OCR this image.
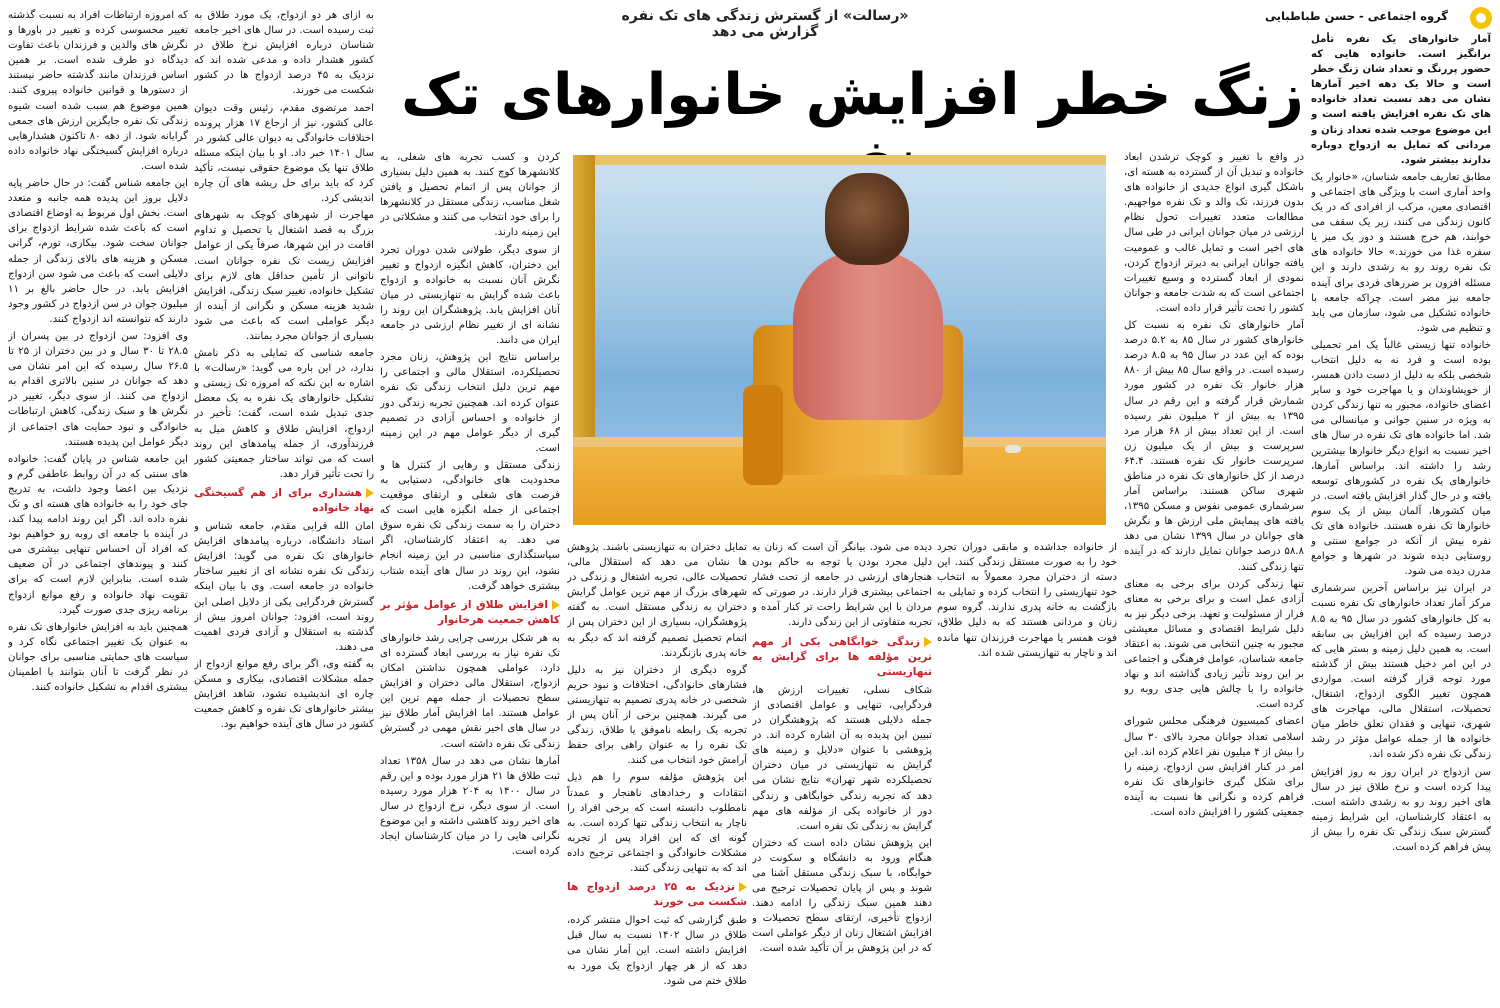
گروه اجتماعی - حسن طباطبایی
«رسالت» از گسترش زندگی های تک نفره گزارش می دهد
زنگ خطر افزایش خانوارهای تک

آمار خانوارهای یک نفره تأمل برانگیز است. خانواده هایی که حضور پررنگ و تعداد شان زنگ خطر است و حالا یک دهه اخیر آمارها نشان می دهد نسبت تعداد خانواده های تک نفره افزایش یافته است و این موضوع موجب شده تعداد زنان و مردانی که تمایل به ازدواج دوباره ندارند بیشتر شود.

مطابق تعاریف جامعه شناسان، «خانوار یک واحد آماری است با ویژگی های اجتماعی و اقتصادی معین، مرکب از افرادی که در یک کانون زندگی می کنند، زیر یک سقف می خوابند، هم خرج هستند و دور یک میز یا سفره غذا می خورند.» حالا خانواده های تک نفره روند رو به رشدی دارند و این مسئله افزون بر ضررهای فردی برای آینده جامعه نیز مضر است. چراکه جامعه با خانواده تشکیل می شود، سازمان می یابد و تنظیم می شود.

خانواده تنها زیستی غالباً یک امر تحمیلی بوده است و فرد نه به دلیل انتخاب شخصی بلکه به دلیل از دست دادن همسر، از خویشاوندان و یا مهاجرت خود و سایر اعضای خانواده، مجبور به تنها زندگی کردن به ویژه در سنین جوانی و میانسالی می شد. اما خانواده های تک نفره در سال های اخیر نسبت به انواع دیگر خانوارها بیشترین رشد را داشته اند. براساس آمارها، خانوارهای یک نفره در کشورهای توسعه یافته و در حال گذار افزایش یافته است. در میان کشورها، آلمان بیش از یک سوم خانوارها تک نفره هستند. خانواده های تک نفره بیش از آنکه در جوامع سنتی و روستایی دیده شوند در شهرها و جوامع مدرن دیده می شود.

در ایران نیز براساس آخرین سرشماری مرکز آمار تعداد خانوارهای تک نفره نسبت به کل خانوارهای کشور در سال ۹۵ به ۸.۵ درصد رسیده که این افزایش بی سابقه است. به همین دلیل زمینه و بستر هایی که در این امر دخیل هستند بیش از گذشته مورد توجه قرار گرفته است. مواردی همچون تغییر الگوی ازدواج، اشتغال، تحصیلات، استقلال مالی، مهاجرت های شهری، تنهایی و فقدان تعلق خاطر میان خانواده ها از جمله عوامل مؤثر در رشد زندگی تک نفره ذکر شده اند.

سن ازدواج در ایران روز به روز افزایش پیدا کرده است و نرخ طلاق نیز در سال های اخیر روند رو به رشدی داشته است. به اعتقاد کارشناسان، این شرایط زمینه گسترش سبک زندگی تک نفره را بیش از پیش فراهم کرده است.

در وافع با تغییر و کوچک ترشدن ابعاد خانواده و تبدیل آن از گسترده به هسته ای، باشکل گیری انواع جدیدی از خانواده های بدون فرزند، تک والد و تک نفره مواجهیم. مطالعات متعدد تغییرات تحول نظام ارزشی در میان جوانان ایرانی در طی سال های اخیر است و تمایل غالب و عمومیت یافته جوانان ایرانی به دیرتر ازدواج کردن، نمودی از ابعاد گسترده و وسیع تغییرات اجتماعی است که به شدت جامعه و جوانان کشور را تحت تأثیر قرار داده است.

آمار خانوارهای تک نفره به نسبت کل خانوارهای کشور در سال ۸۵ به ۵.۲ درصد بوده که این عدد در سال ۹۵ به ۸.۵ درصد رسیده است. در واقع سال ۸۵ بیش از ۸۸۰ هزار خانوار تک نفره در کشور مورد شمارش قرار گرفته و این رقم در سال ۱۳۹۵ به بیش از ۲ میلیون نفر رسیده است. از این تعداد بیش از ۶۸ هزار مرد سرپرست و بیش از یک میلیون زن سرپرست خانوار تک نفره هستند. ۶۴.۴ درصد از کل خانوارهای تک نفره در مناطق شهری ساکن هستند. براساس آمار سرشماری عمومی نفوس و مسکن ۱۳۹۵، یافته های پیمایش ملی ارزش ها و نگرش های جوانان در سال ۱۳۹۹ نشان می دهد ۵۸.۸ درصد جوانان تمایل دارند که در آینده تنها زندگی کنند.

تنها زندگی کردن برای برخی به معنای آزادی عمل است و برای برخی به معنای فرار از مسئولیت و تعهد. برخی دیگر نیز به دلیل شرایط اقتصادی و مسائل معیشتی مجبور به چنین انتخابی می شوند. به اعتقاد جامعه شناسان، عوامل فرهنگی و اجتماعی بر این روند تأثیر زیادی گذاشته اند و نهاد خانواده را با چالش هایی جدی روبه رو کرده است.

اعضای کمیسیون فرهنگی مجلس شورای اسلامی تعداد جوانان مجرد بالای ۳۰ سال را بیش از ۴ میلیون نفر اعلام کرده اند. این امر در کنار افزایش سن ازدواج، زمینه را برای شکل گیری خانوارهای تک نفره فراهم کرده و نگرانی ها نسبت به آینده جمعیتی کشور را افزایش داده است.

از خانواده جداشده و مابقی دوران تجرد خود را به صورت مستقل زندگی کنند. این دسته از دختران مجرد معمولاً به انتخاب خود تنهازیستی را انتخاب کرده و تمایلی به بازگشت به خانه پدری ندارند. گروه سوم زنان و مردانی هستند که به دلیل طلاق، فوت همسر یا مهاجرت فرزندان تنها مانده اند و ناچار به تنهازیستی شده اند.

دیده می شود. بیانگر آن است که زنان به دلیل مجرد بودن یا توجه به حاکم بودن هنجارهای ارزشی در جامعه از تحت فشار اجتماعی بیشتری قرار دارند. در صورتی که مردان با این شرایط راحت تر کنار آمده و تجربه متفاوتی از این زندگی دارند.

زندگی خوابگاهی یکی از مهم ترین مؤلفه ها برای گرایش به تنهازیستی

شکاف نسلی، تغییرات ارزش ها، فردگرایی، تنهایی و عوامل اقتصادی از جمله دلایلی هستند که پژوهشگران در تبیین این پدیده به آن اشاره کرده اند. در پژوهشی با عنوان «دلایل و زمینه های گرایش به تنهازیستی در میان دختران تحصیلکرده شهر تهران» نتایج نشان می دهد که تجربه زندگی خوابگاهی و زندگی دور از خانواده یکی از مؤلفه های مهم گرایش به زندگی تک نفره است.

این پژوهش نشان داده است که دختران هنگام ورود به دانشگاه و سکونت در خوابگاه، با سبک زندگی مستقل آشنا می شوند و پس از پایان تحصیلات ترجیح می دهند همین سبک زندگی را ادامه دهند. ازدواج تأخیری، ارتقای سطح تحصیلات و افزایش اشتغال زنان از دیگر عواملی است که در این پژوهش بر آن تأکید شده است.

تمایل دختران به تنهازیستی باشند. پژوهش ها نشان می دهد که استقلال مالی، تحصیلات عالی، تجربه اشتغال و زندگی در شهرهای بزرگ از مهم ترین عوامل گرایش دختران به زندگی مستقل است. به گفته پژوهشگران، بسیاری از این دختران پس از اتمام تحصیل تصمیم گرفته اند که دیگر به خانه پدری بازنگردند.

گروه دیگری از دختران نیز به دلیل فشارهای خانوادگی، اختلافات و نبود حریم شخصی در خانه پدری تصمیم به تنهازیستی می گیرند. همچنین برخی از آنان پس از تجربه یک رابطه ناموفق یا طلاق، زندگی تک نفره را به عنوان راهی برای حفظ آرامش خود انتخاب می کنند.

این پژوهش مؤلفه سوم را هم ذیل انتقادات و رخدادهای ناهنجار و عمدتاً نامطلوب دانسته است که برخی افراد را ناچار به انتخاب زندگی تنها کرده است. به گونه ای که این افراد پس از تجربه مشکلات خانوادگی و اجتماعی ترجیح داده اند که به تنهایی زندگی کنند.

نزدیک به ۲۵ درصد ازدواج ها شکست می خورند

طبق گزارشی که ثبت احوال منتشر کرده، طلاق در سال ۱۴۰۲ نسبت به سال قبل افزایش داشته است. این آمار نشان می دهد که از هر چهار ازدواج یک مورد به طلاق ختم می شود.

کردن و کسب تجربه های شغلی، به کلانشهرها کوچ کنند. به همین دلیل بسیاری از جوانان پس از اتمام تحصیل و یافتن شغل مناسب، زندگی مستقل در کلانشهرها را برای خود انتخاب می کنند و مشکلاتی در این زمینه دارند.

از سوی دیگر، طولانی شدن دوران تجرد این دختران، کاهش انگیزه ازدواج و تغییر نگرش آنان نسبت به خانواده و ازدواج باعث شده گرایش به تنهازیستی در میان آنان افزایش یابد. پژوهشگران این روند را نشانه ای از تغییر نظام ارزشی در جامعه ایران می دانند.

براساس نتایج این پژوهش، زنان مجرد تحصیلکرده، استقلال مالی و اجتماعی را مهم ترین دلیل انتخاب زندگی تک نفره عنوان کرده اند. همچنین تجربه زندگی دور از خانواده و احساس آزادی در تصمیم گیری از دیگر عوامل مهم در این زمینه است.

زندگی مستقل و رهایی از کنترل ها و محدودیت های خانوادگی، دستیابی به فرصت های شغلی و ارتقای موقعیت اجتماعی از جمله انگیزه هایی است که دختران را به سمت زندگی تک نفره سوق می دهد. به اعتقاد کارشناسان، اگر سیاستگذاری مناسبی در این زمینه انجام نشود، این روند در سال های آینده شتاب بیشتری خواهد گرفت.

افزایش طلاق از عوامل مؤثر بر کاهش جمعیت هرخانوار

به هر شکل بررسی چرایی رشد خانوارهای تک نفره نیاز به بررسی ابعاد گسترده ای دارد. عواملی همچون نداشتن امکان ازدواج، استقلال مالی دختران و افزایش سطح تحصیلات از جمله مهم ترین این عوامل هستند. اما افزایش آمار طلاق نیز در سال های اخیر نقش مهمی در گسترش زندگی تک نفره داشته است.

آمارها نشان می دهد در سال ۱۳۵۸ تعداد ثبت طلاق ها ۲۱ هزار مورد بوده و این رقم در سال ۱۴۰۰ به ۲۰۴ هزار مورد رسیده است. از سوی دیگر، نرخ ازدواج در سال های اخیر روند کاهشی داشته و این موضوع نگرانی هایی را در میان کارشناسان ایجاد کرده است.

به ازای هر دو ازدواج، یک مورد طلاق به ثبت رسیده است. در سال های اخیر جامعه شناسان درباره افزایش نرخ طلاق در کشور هشدار داده و مدعی شده اند که نزدیک به ۴۵ درصد ازدواج ها در کشور شکست می خورند.

احمد مرتضوی مقدم، رئیس وقت دیوان عالی کشور، نیز از ارجاع ۱۷ هزار پرونده اختلافات خانوادگی به دیوان عالی کشور در سال ۱۴۰۱ خبر داد. او با بیان اینکه مسئله طلاق تنها یک موضوع حقوقی نیست، تأکید کرد که باید برای حل ریشه های آن چاره اندیشی کرد.

مهاجرت از شهرهای کوچک به شهرهای بزرگ به قصد اشتغال یا تحصیل و تداوم اقامت در این شهرها، صرفاً یکی از عوامل افزایش زیست تک نفره جوانان است. ناتوانی از تأمین حداقل های لازم برای تشکیل خانواده، تغییر سبک زندگی، افزایش شدید هزینه مسکن و نگرانی از آینده از دیگر عواملی است که باعث می شود بسیاری از جوانان مجرد بمانند.

جامعه شناسی که تمایلی به ذکر نامش ندارد، در این باره می گوید: «رسالت» با اشاره به این نکته که امروزه تک زیستی و تشکیل خانوارهای یک نفره به یک معضل جدی تبدیل شده است، گفت: تأخیر در ازدواج، افزایش طلاق و کاهش میل به فرزندآوری، از جمله پیامدهای این روند است که می تواند ساختار جمعیتی کشور را تحت تأثیر قرار دهد.

هشداری برای از هم گسیختگی نهاد خانواده

امان الله قرایی مقدم، جامعه شناس و استاد دانشگاه، درباره پیامدهای افزایش خانوارهای تک نفره می گوید: افزایش زندگی تک نفره نشانه ای از تغییر ساختار خانواده در جامعه است. وی با بیان اینکه گسترش فردگرایی یکی از دلایل اصلی این روند است، افزود: جوانان امروز بیش از گذشته به استقلال و آزادی فردی اهمیت می دهند.

به گفته وی، اگر برای رفع موانع ازدواج از جمله مشکلات اقتصادی، بیکاری و مسکن چاره ای اندیشیده نشود، شاهد افزایش بیشتر خانوارهای تک نفره و کاهش جمعیت کشور در سال های آینده خواهیم بود.

که امروزه ارتباطات افراد به نسبت گذشته تغییر محسوسی کرده و تغییر در باورها و نگرش های والدین و فرزندان باعث تفاوت دیدگاه دو طرف شده است. بر همین اساس فرزندان مانند گذشته حاضر نیستند از دستورها و قوانین خانواده پیروی کنند. همین موضوع هم سبب شده است شیوه زندگی تک نفره جایگزین ارزش های جمعی گرایانه شود. از دهه ۸۰ تاکنون هشدارهایی درباره افزایش گسیختگی نهاد خانواده داده شده است.

این جامعه شناس گفت: در حال حاضر پایه دلایل بروز این پدیده همه جانبه و متعدد است. بخش اول مربوط به اوضاع اقتصادی است که باعث شده شرایط ازدواج برای جوانان سخت شود. بیکاری، تورم، گرانی مسکن و هزینه های بالای زندگی از جمله دلایلی است که باعث می شود سن ازدواج افزایش یابد. در حال حاضر بالغ بر ۱۱ میلیون جوان در سن ازدواج در کشور وجود دارند که نتوانسته اند ازدواج کنند.

وی افزود: سن ازدواج در بین پسران از ۲۸.۵ تا ۳۰ سال و در بین دختران از ۲۵ تا ۲۶.۵ سال رسیده که این امر نشان می دهد که جوانان در سنین بالاتری اقدام به ازدواج می کنند. از سوی دیگر، تغییر در نگرش ها و سبک زندگی، کاهش ارتباطات خانوادگی و نبود حمایت های اجتماعی از دیگر عوامل این پدیده هستند.

این جامعه شناس در پایان گفت: خانواده های سنتی که در آن روابط عاطفی گرم و نزدیک بین اعضا وجود داشت، به تدریج جای خود را به خانواده های هسته ای و تک نفره داده اند. اگر این روند ادامه پیدا کند، در آینده با جامعه ای روبه رو خواهیم بود که افراد آن احساس تنهایی بیشتری می کنند و پیوندهای اجتماعی در آن ضعیف شده است. بنابراین لازم است که برای تقویت نهاد خانواده و رفع موانع ازدواج برنامه ریزی جدی صورت گیرد.

همچنین باید به افزایش خانوارهای تک نفره به عنوان یک تغییر اجتماعی نگاه کرد و سیاست های حمایتی مناسبی برای جوانان در نظر گرفت تا آنان بتوانند با اطمینان بیشتری اقدام به تشکیل خانواده کنند.
